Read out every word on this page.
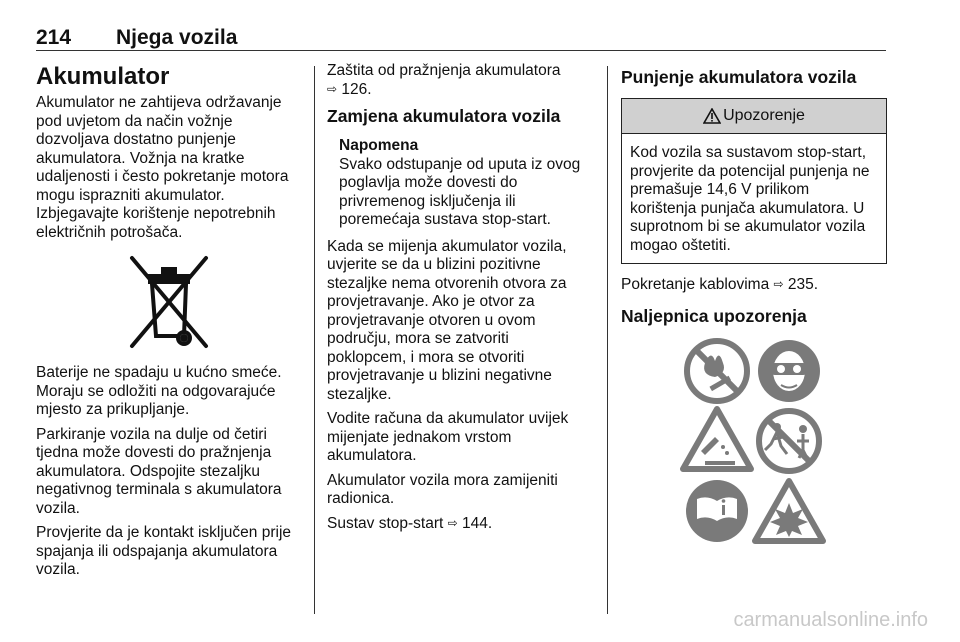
214 Njega vozila
Akumulator

Akumulator ne zahtijeva održavanje pod uvjetom da način vožnje dozvoljava dostatno punjenje akumulatora. Vožnja na kratke udaljenosti i često pokretanje motora mogu isprazniti akumulator. Izbjegavajte korištenje nepotrebnih električnih potrošača.

Baterije ne spadaju u kućno smeće. Moraju se odložiti na odgovarajuće mjesto za prikupljanje.

Parkiranje vozila na dulje od četiri tjedna može dovesti do pražnjenja akumulatora. Odspojite stezaljku negativnog terminala s akumulatora vozila.

Provjerite da je kontakt isključen prije spajanja ili odspajanja akumulatora vozila.

Zaštita od pražnjenja akumulatora
⇨ 126.

Zamjena akumulatora vozila
Napomena
Svako odstupanje od uputa iz ovog poglavlja može dovesti do privremenog isključenja ili poremećaja sustava stop-start.

Kada se mijenja akumulator vozila, uvjerite se da u blizini pozitivne stezaljke nema otvorenih otvora za provjetravanje. Ako je otvor za provjetravanje otvoren u ovom području, mora se zatvoriti poklopcem, i mora se otvoriti provjetravanje u blizini negativne stezaljke.

Vodite računa da akumulator uvijek mijenjate jednakom vrstom akumulatora.

Akumulator vozila mora zamijeniti radionica.

Sustav stop-start ⇨ 144.

Punjenje akumulatora vozila
Upozorenje
Kod vozila sa sustavom stop-start, provjerite da potencijal punjenja ne premašuje 14,6 V prilikom korištenja punjača akumulatora. U suprotnom bi se akumulator vozila mogao oštetiti.

Pokretanje kablovima ⇨ 235.

Naljepnica upozorenja
carmanualsonline.info
